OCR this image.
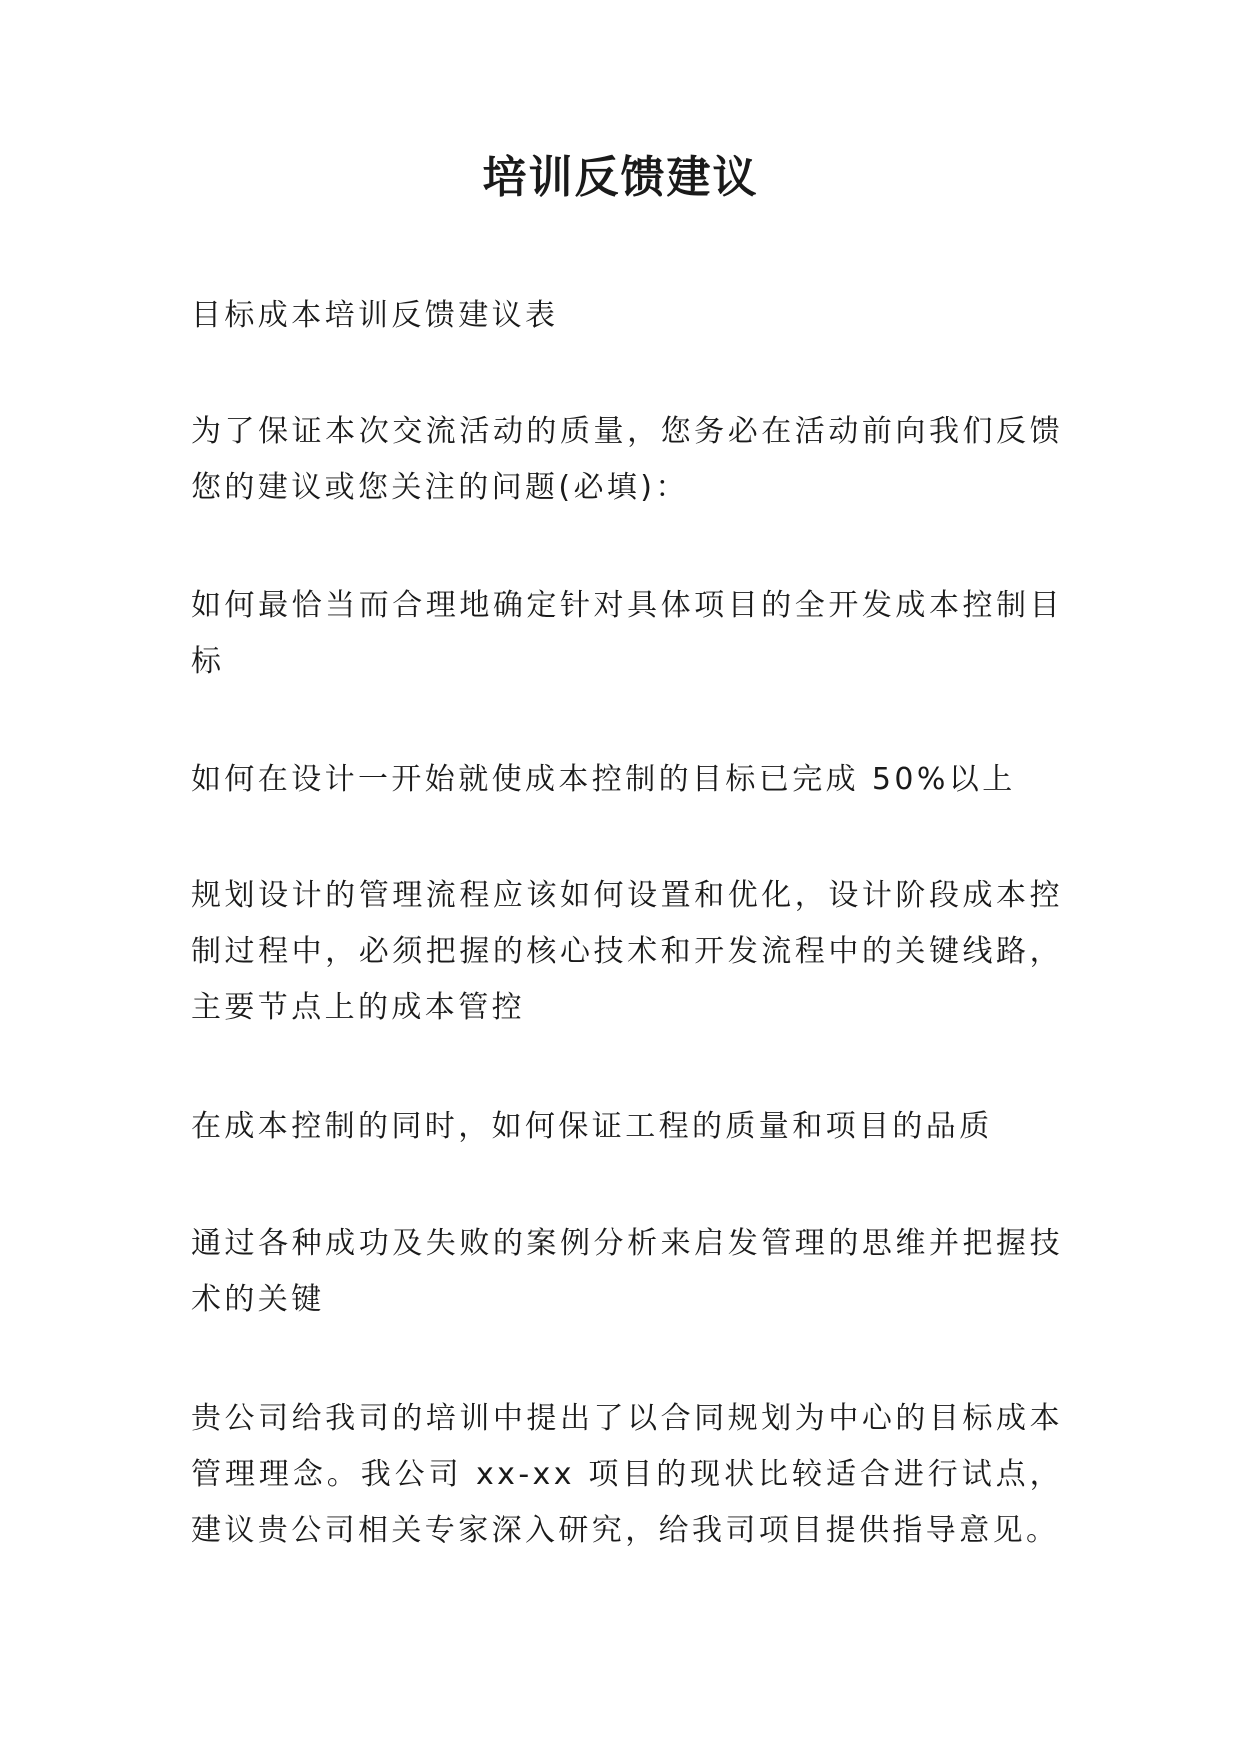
培训反馈建议

目标成本培训反馈建议表

为了保证本次交流活动的质量，您务必在活动前向我们反馈您的建议或您关注的问题(必填)：

如何最恰当而合理地确定针对具体项目的全开发成本控制目标

如何在设计一开始就使成本控制的目标已完成 50%以上

规划设计的管理流程应该如何设置和优化，设计阶段成本控制过程中，必须把握的核心技术和开发流程中的关键线路，主要节点上的成本管控

在成本控制的同时，如何保证工程的质量和项目的品质

通过各种成功及失败的案例分析来启发管理的思维并把握技术的关键

贵公司给我司的培训中提出了以合同规划为中心的目标成本管理理念。我公司 xx-xx 项目的现状比较适合进行试点，建议贵公司相关专家深入研究，给我司项目提供指导意见。
